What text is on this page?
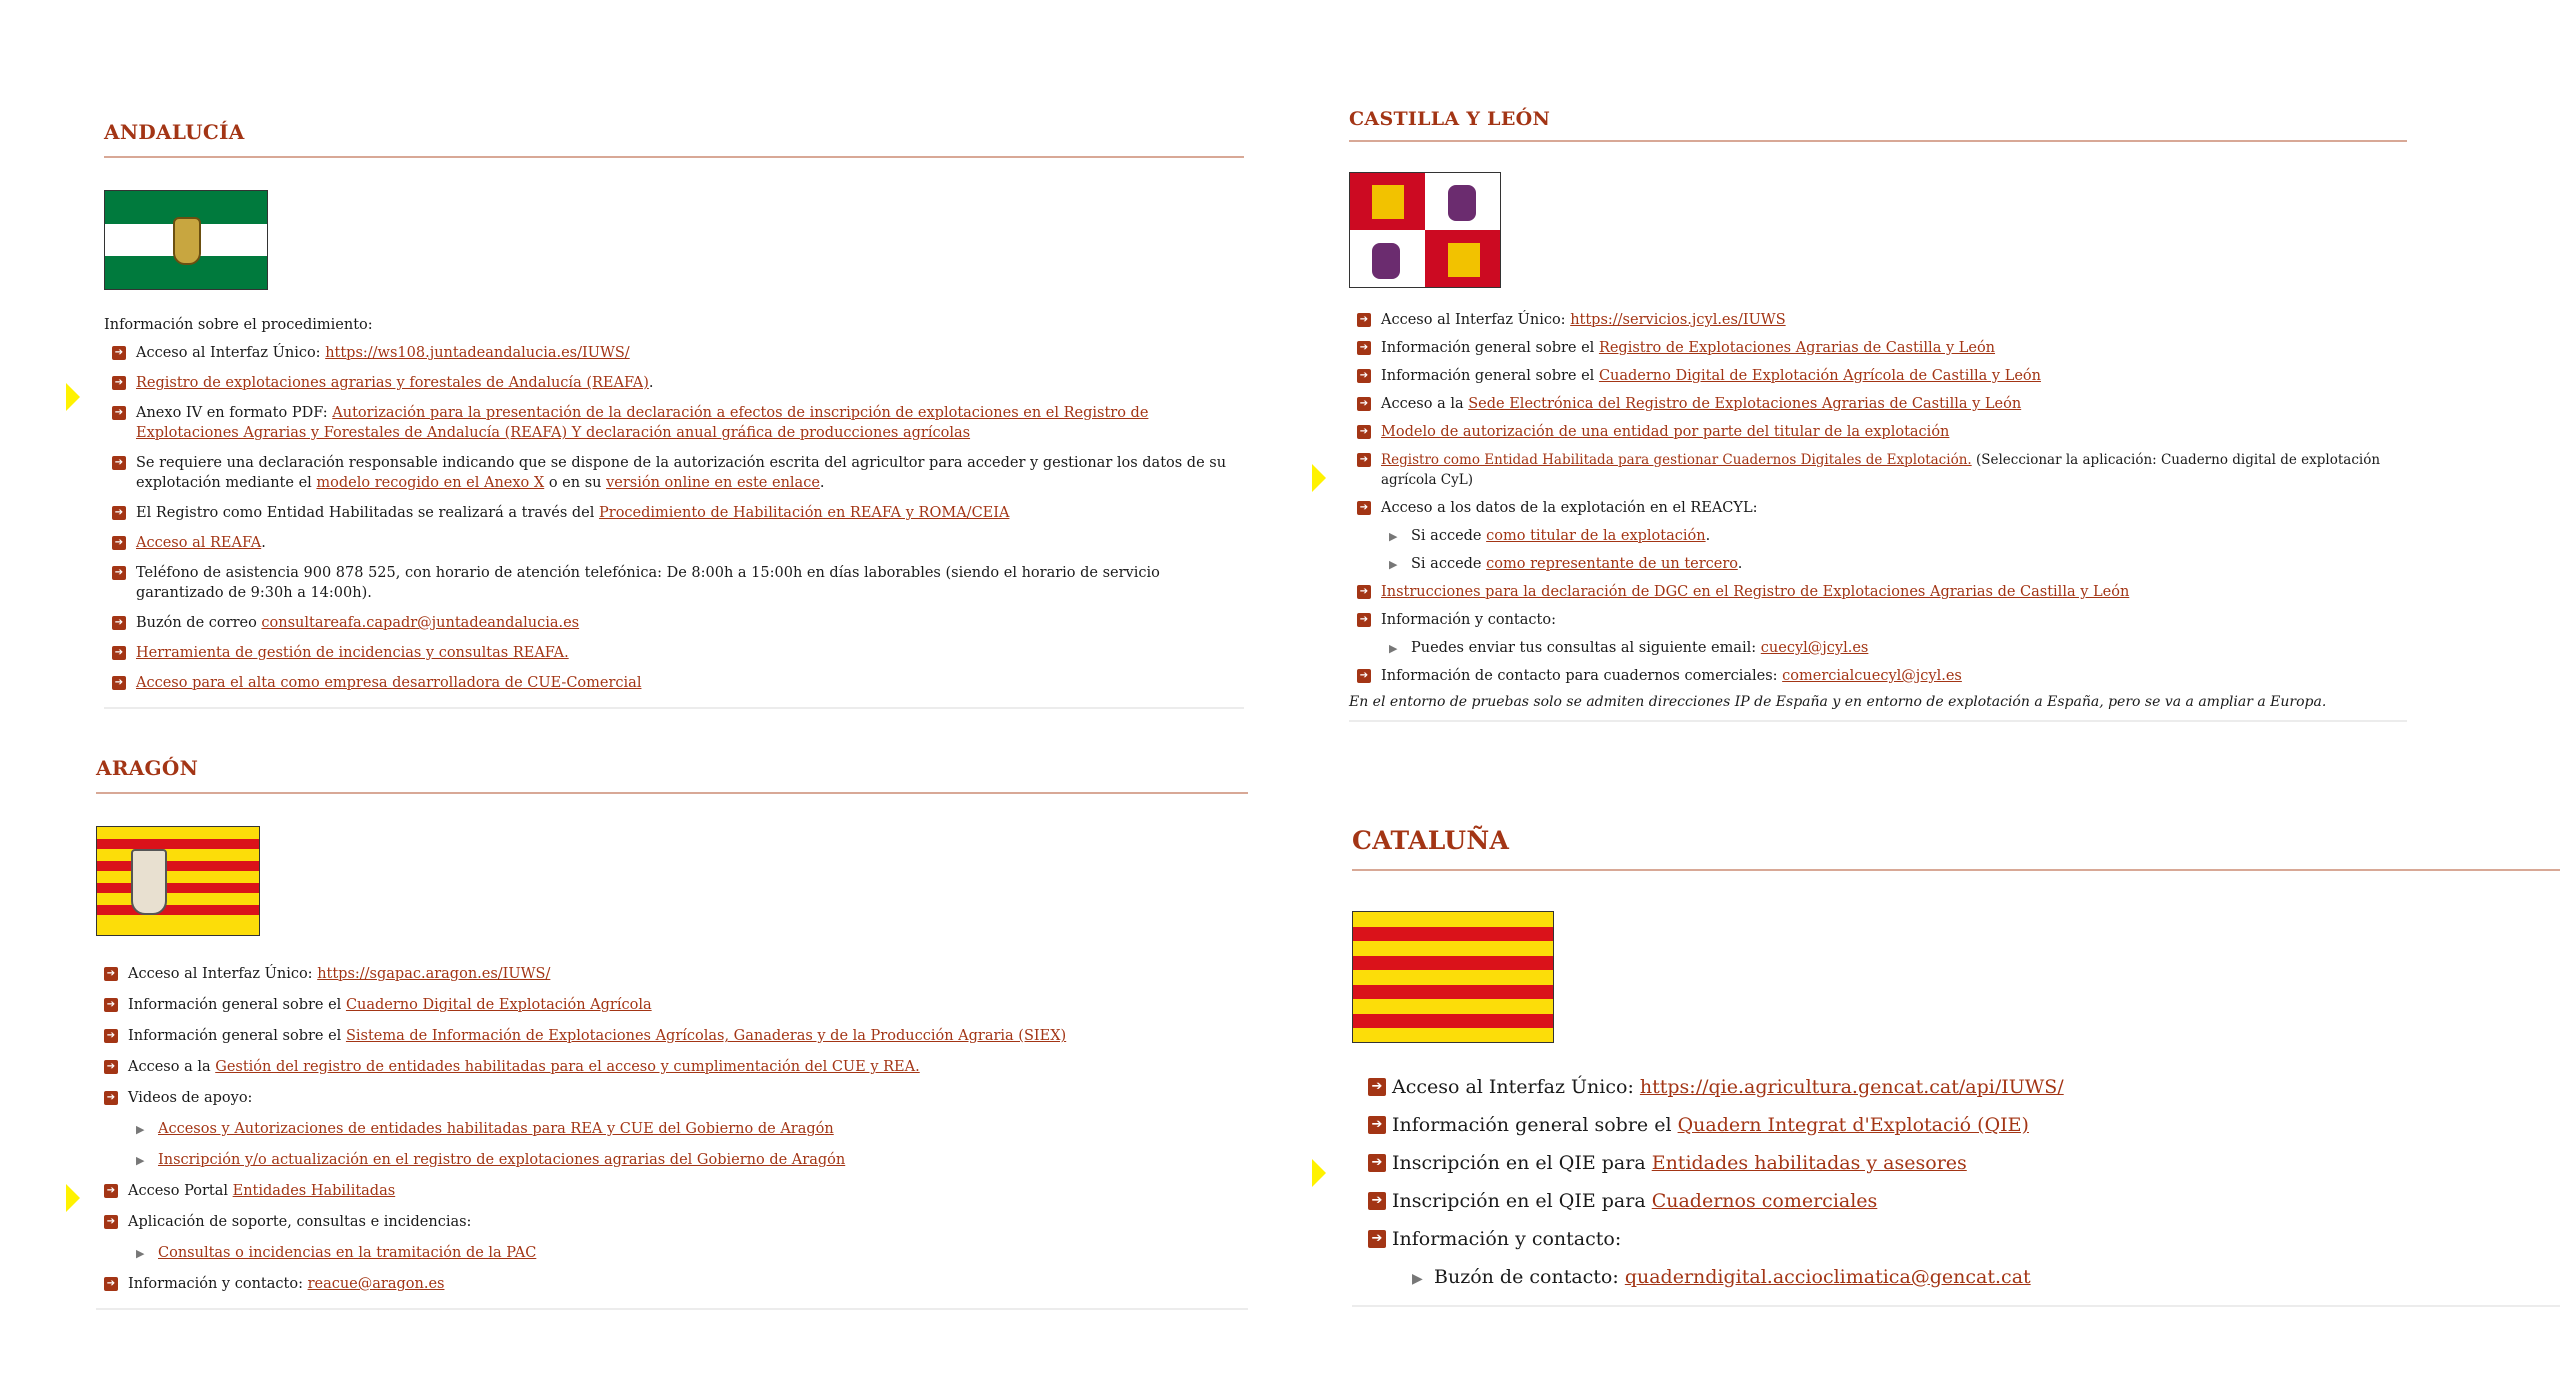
ANDALUCÍA
Información sobre el procedimiento:
➔ Acceso al Interfaz Único: https://ws108.juntadeandalucia.es/IUWS/
➔ Registro de explotaciones agrarias y forestales de Andalucía (REAFA).
➔ Anexo IV en formato PDF: Autorización para la presentación de la declaración a efectos de inscripción de explotaciones en el Registro de Explotaciones Agrarias y Forestales de Andalucía (REAFA) Y declaración anual gráfica de producciones agrícolas
➔ Se requiere una declaración responsable indicando que se dispone de la autorización escrita del agricultor para acceder y gestionar los datos de su explotación mediante el modelo recogido en el Anexo X o en su versión online en este enlace.
➔ El Registro como Entidad Habilitadas se realizará a través del Procedimiento de Habilitación en REAFA y ROMA/CEIA
➔ Acceso al REAFA.
➔ Teléfono de asistencia 900 878 525, con horario de atención telefónica: De 8:00h a 15:00h en días laborables (siendo el horario de servicio garantizado de 9:30h a 14:00h).
➔ Buzón de correo consultareafa.capadr@juntadeandalucia.es
➔ Herramienta de gestión de incidencias y consultas REAFA.
➔ Acceso para el alta como empresa desarrolladora de CUE-Comercial
ARAGÓN
➔ Acceso al Interfaz Único: https://sgapac.aragon.es/IUWS/
➔ Información general sobre el Cuaderno Digital de Explotación Agrícola
➔ Información general sobre el Sistema de Información de Explotaciones Agrícolas, Ganaderas y de la Producción Agraria (SIEX)
➔ Acceso a la Gestión del registro de entidades habilitadas para el acceso y cumplimentación del CUE y REA.
➔ Videos de apoyo:
▶ Accesos y Autorizaciones de entidades habilitadas para REA y CUE del Gobierno de Aragón
▶ Inscripción y/o actualización en el registro de explotaciones agrarias del Gobierno de Aragón
➔ Acceso Portal Entidades Habilitadas
➔ Aplicación de soporte, consultas e incidencias:
▶ Consultas o incidencias en la tramitación de la PAC
➔ Información y contacto: reacue@aragon.es
CASTILLA Y LEÓN
➔ Acceso al Interfaz Único: https://servicios.jcyl.es/IUWS
➔ Información general sobre el Registro de Explotaciones Agrarias de Castilla y León
➔ Información general sobre el Cuaderno Digital de Explotación Agrícola de Castilla y León
➔ Acceso a la Sede Electrónica del Registro de Explotaciones Agrarias de Castilla y León
➔ Modelo de autorización de una entidad por parte del titular de la explotación
➔ Registro como Entidad Habilitada para gestionar Cuadernos Digitales de Explotación. (Seleccionar la aplicación: Cuaderno digital de explotación agrícola CyL)
➔ Acceso a los datos de la explotación en el REACYL:
▶ Si accede como titular de la explotación.
▶ Si accede como representante de un tercero.
➔ Instrucciones para la declaración de DGC en el Registro de Explotaciones Agrarias de Castilla y León
➔ Información y contacto:
▶ Puedes enviar tus consultas al siguiente email: cuecyl@jcyl.es
➔ Información de contacto para cuadernos comerciales: comercialcuecyl@jcyl.es
En el entorno de pruebas solo se admiten direcciones IP de España y en entorno de explotación a España, pero se va a ampliar a Europa.
CATALUÑA
➔ Acceso al Interfaz Único: https://qie.agricultura.gencat.cat/api/IUWS/
➔ Información general sobre el Quadern Integrat d'Explotació (QIE)
➔ Inscripción en el QIE para Entidades habilitadas y asesores
➔ Inscripción en el QIE para Cuadernos comerciales
➔ Información y contacto:
▶ Buzón de contacto: quaderndigital.accioclimatica@gencat.cat
